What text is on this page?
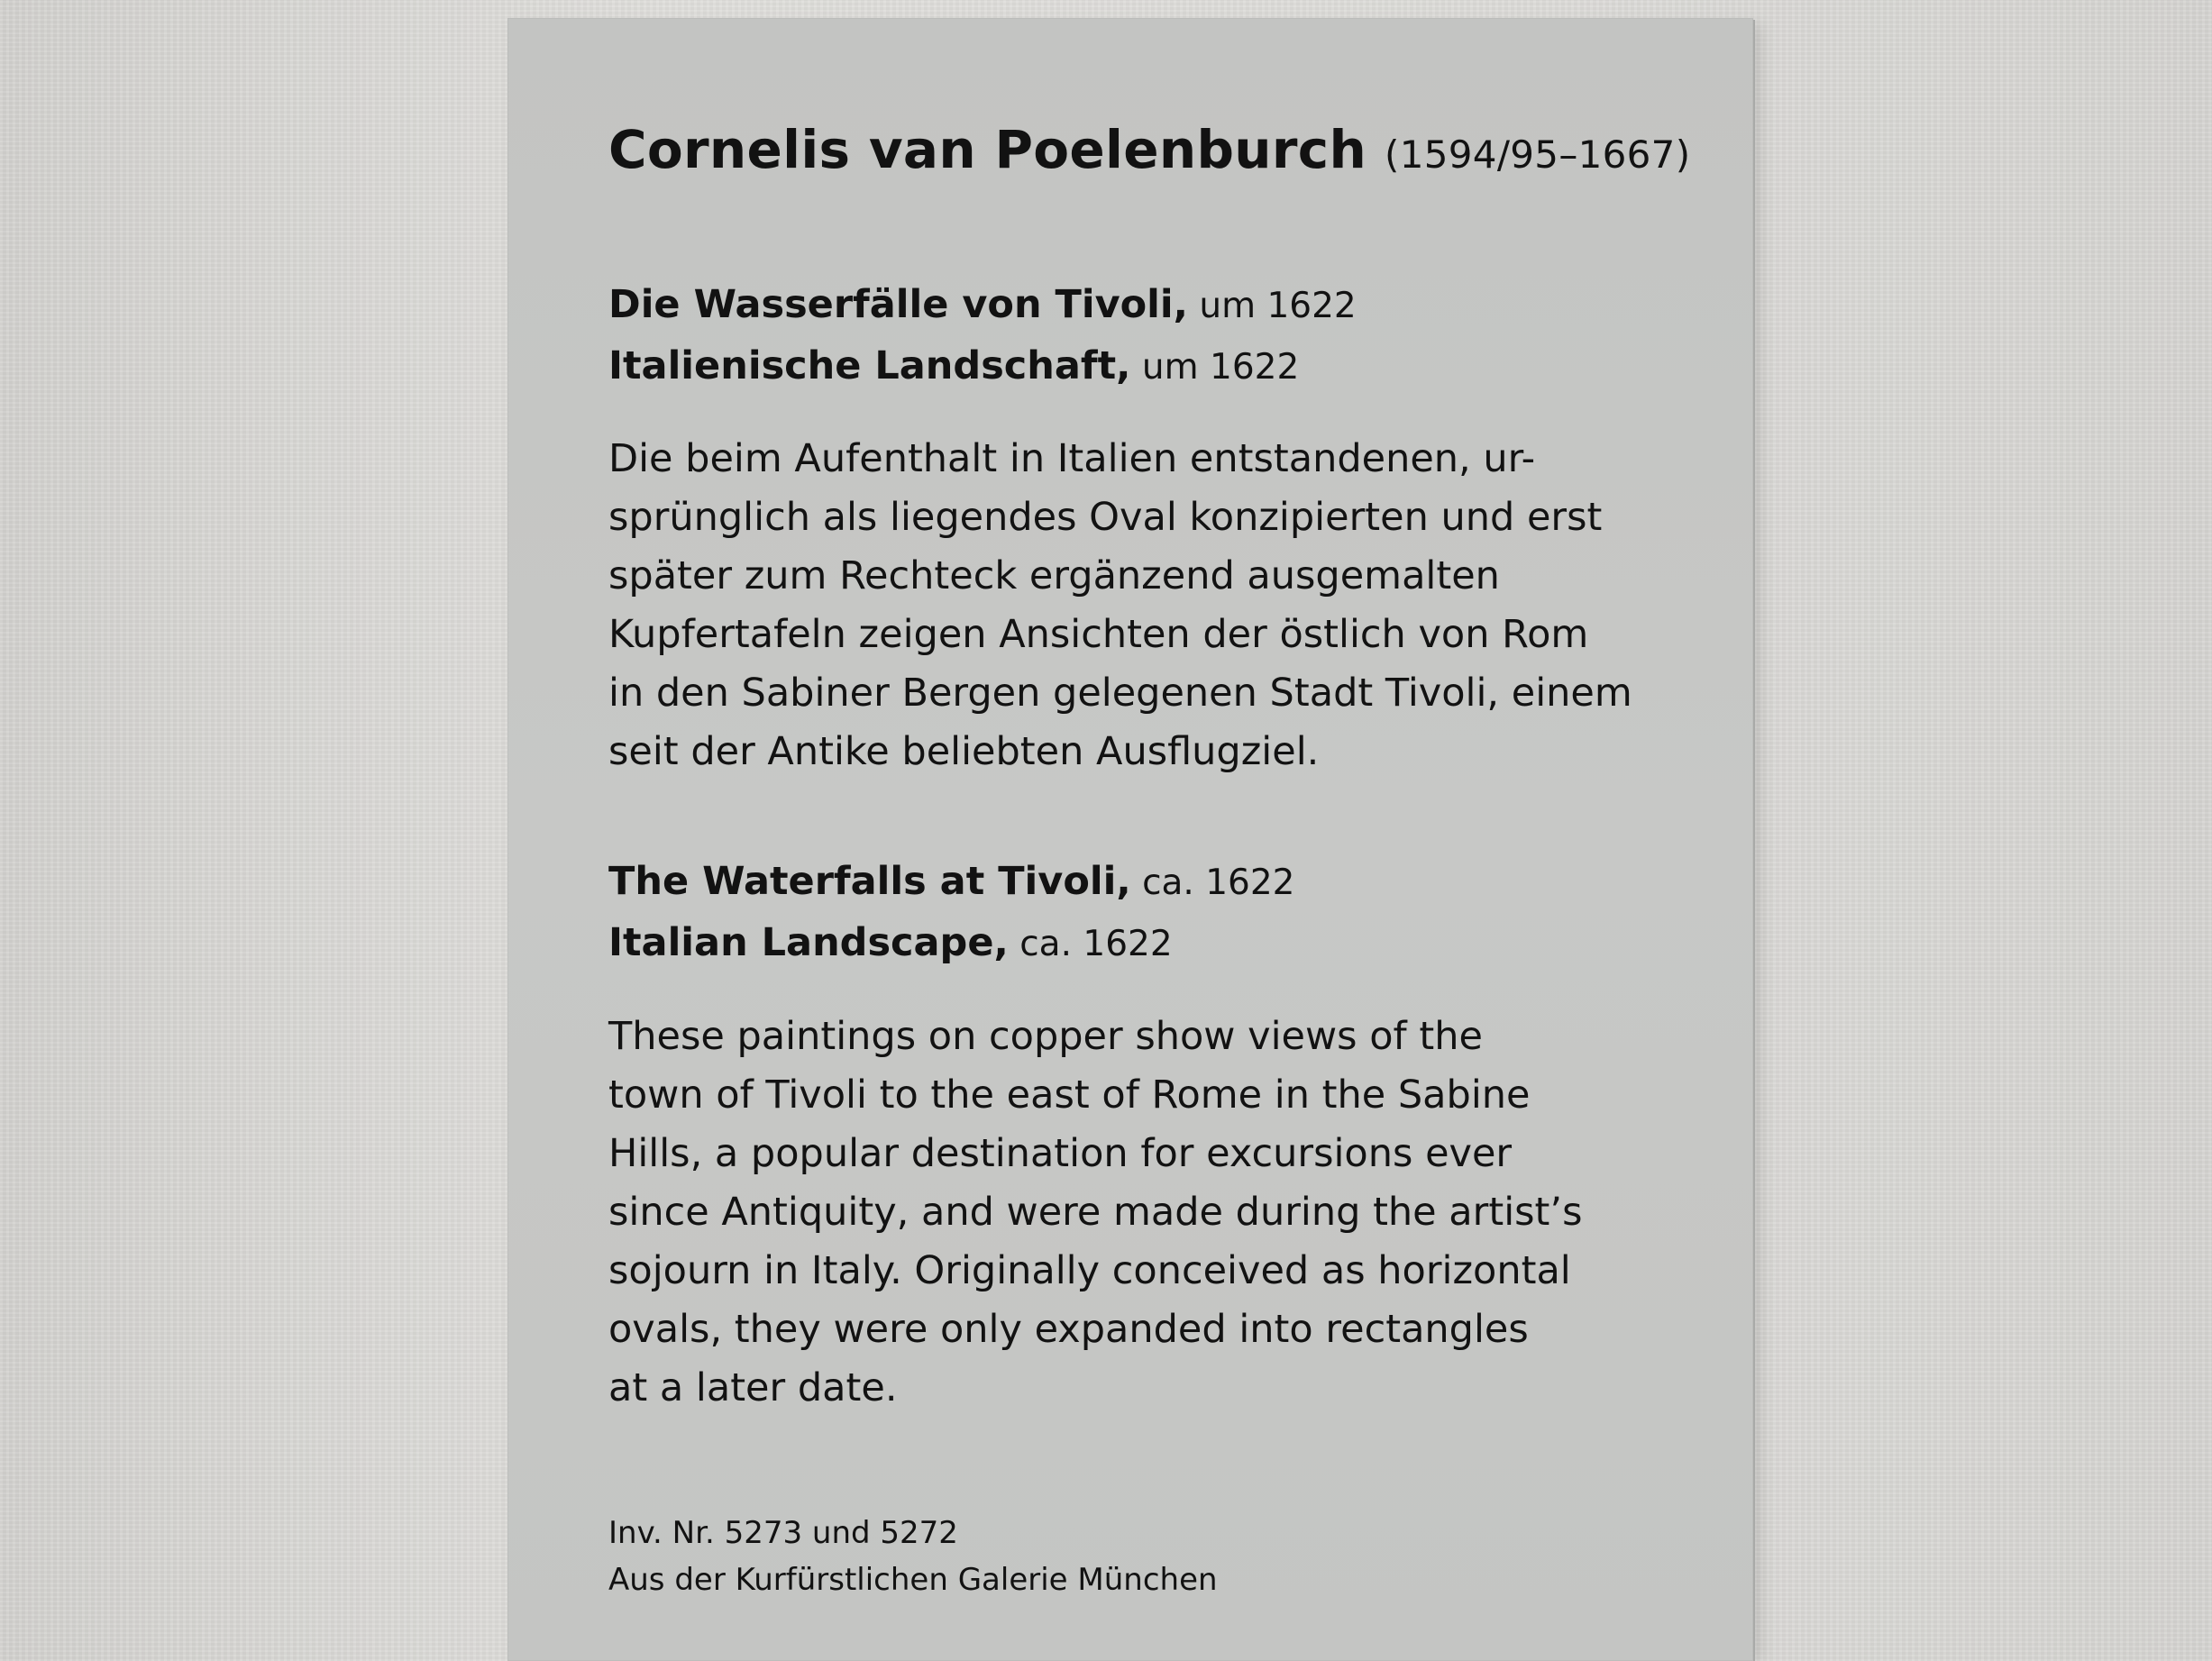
Cornelis van Poelenburch (1594/95–1667)
Die Wasserfälle von Tivoli, um 1622
Italienische Landschaft, um 1622
Die beim Aufenthalt in Italien entstandenen, ur-
sprünglich als liegendes Oval konzipierten und erst
später zum Rechteck ergänzend ausgemalten
Kupfertafeln zeigen Ansichten der östlich von Rom
in den Sabiner Bergen gelegenen Stadt Tivoli, einem
seit der Antike beliebten Ausflugziel.
The Waterfalls at Tivoli, ca. 1622
Italian Landscape, ca. 1622
These paintings on copper show views of the
town of Tivoli to the east of Rome in the Sabine
Hills, a popular destination for excursions ever
since Antiquity, and were made during the artist’s
sojourn in Italy. Originally conceived as horizontal
ovals, they were only expanded into rectangles
at a later date.
Inv. Nr. 5273 und 5272
Aus der Kurfürstlichen Galerie München
